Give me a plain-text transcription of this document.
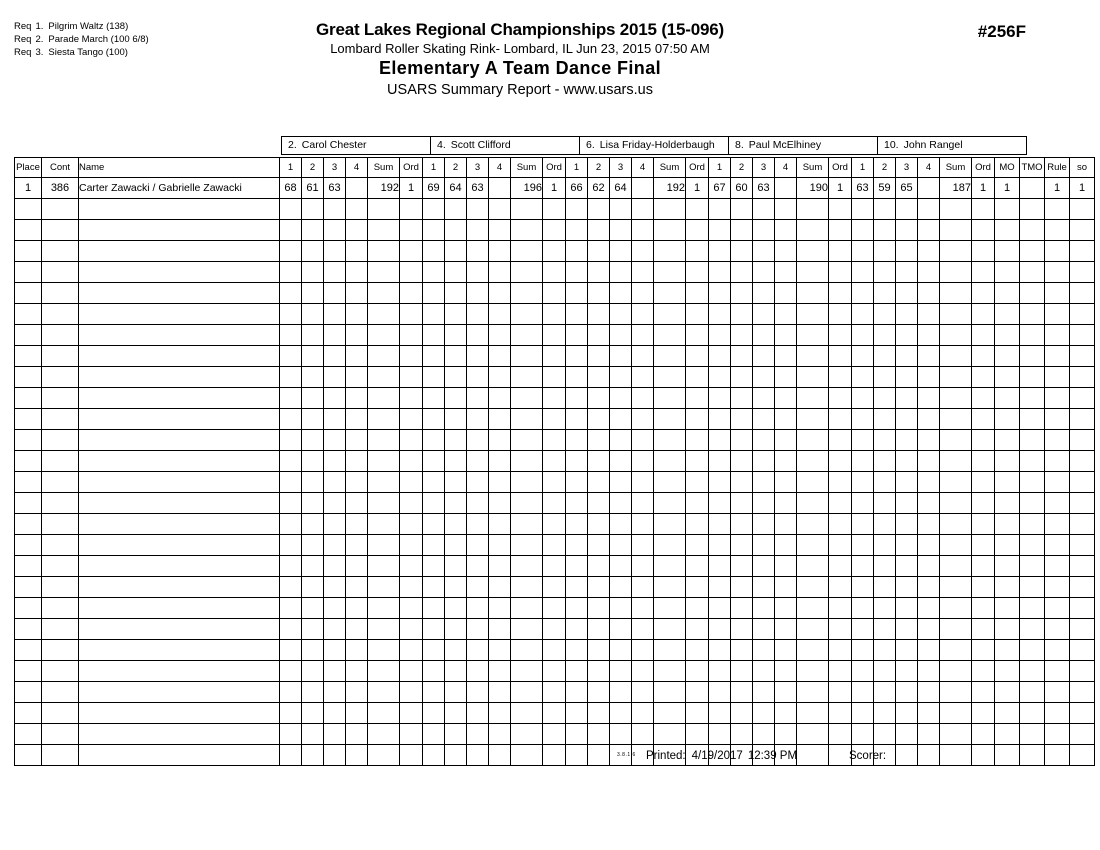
Req 1. Pilgrim Waltz (138)
Req 2. Parade March (100 6/8)
Req 3. Siesta Tango (100)
Great Lakes Regional Championships 2015 (15-096)
Lombard Roller Skating Rink- Lombard, IL Jun 23, 2015 07:50 AM
Elementary A Team Dance Final
USARS Summary Report - www.usars.us
#256F
2. Carol Chester	4. Scott Clifford	6. Lisa Friday-Holderbaugh	8. Paul McElhiney	10. John Rangel
Place	Cont	Name	1	2	3	4	Sum	Ord	1	2	3	4	Sum	Ord	1	2	3	4	Sum	Ord	1	2	3	4	Sum	Ord	1	2	3	4	Sum	Ord	MO	TMO	Rule	so
1	386	Carter Zawacki / Gabrielle Zawacki	68	61	63		192	1	69	64	63		196	1	66	62	64		192	1	67	60	63		190	1	63	59	65		187	1	1		1	1

3.8.1.6 Printed: 4/19/2017 12:39 PM	Scorer:
